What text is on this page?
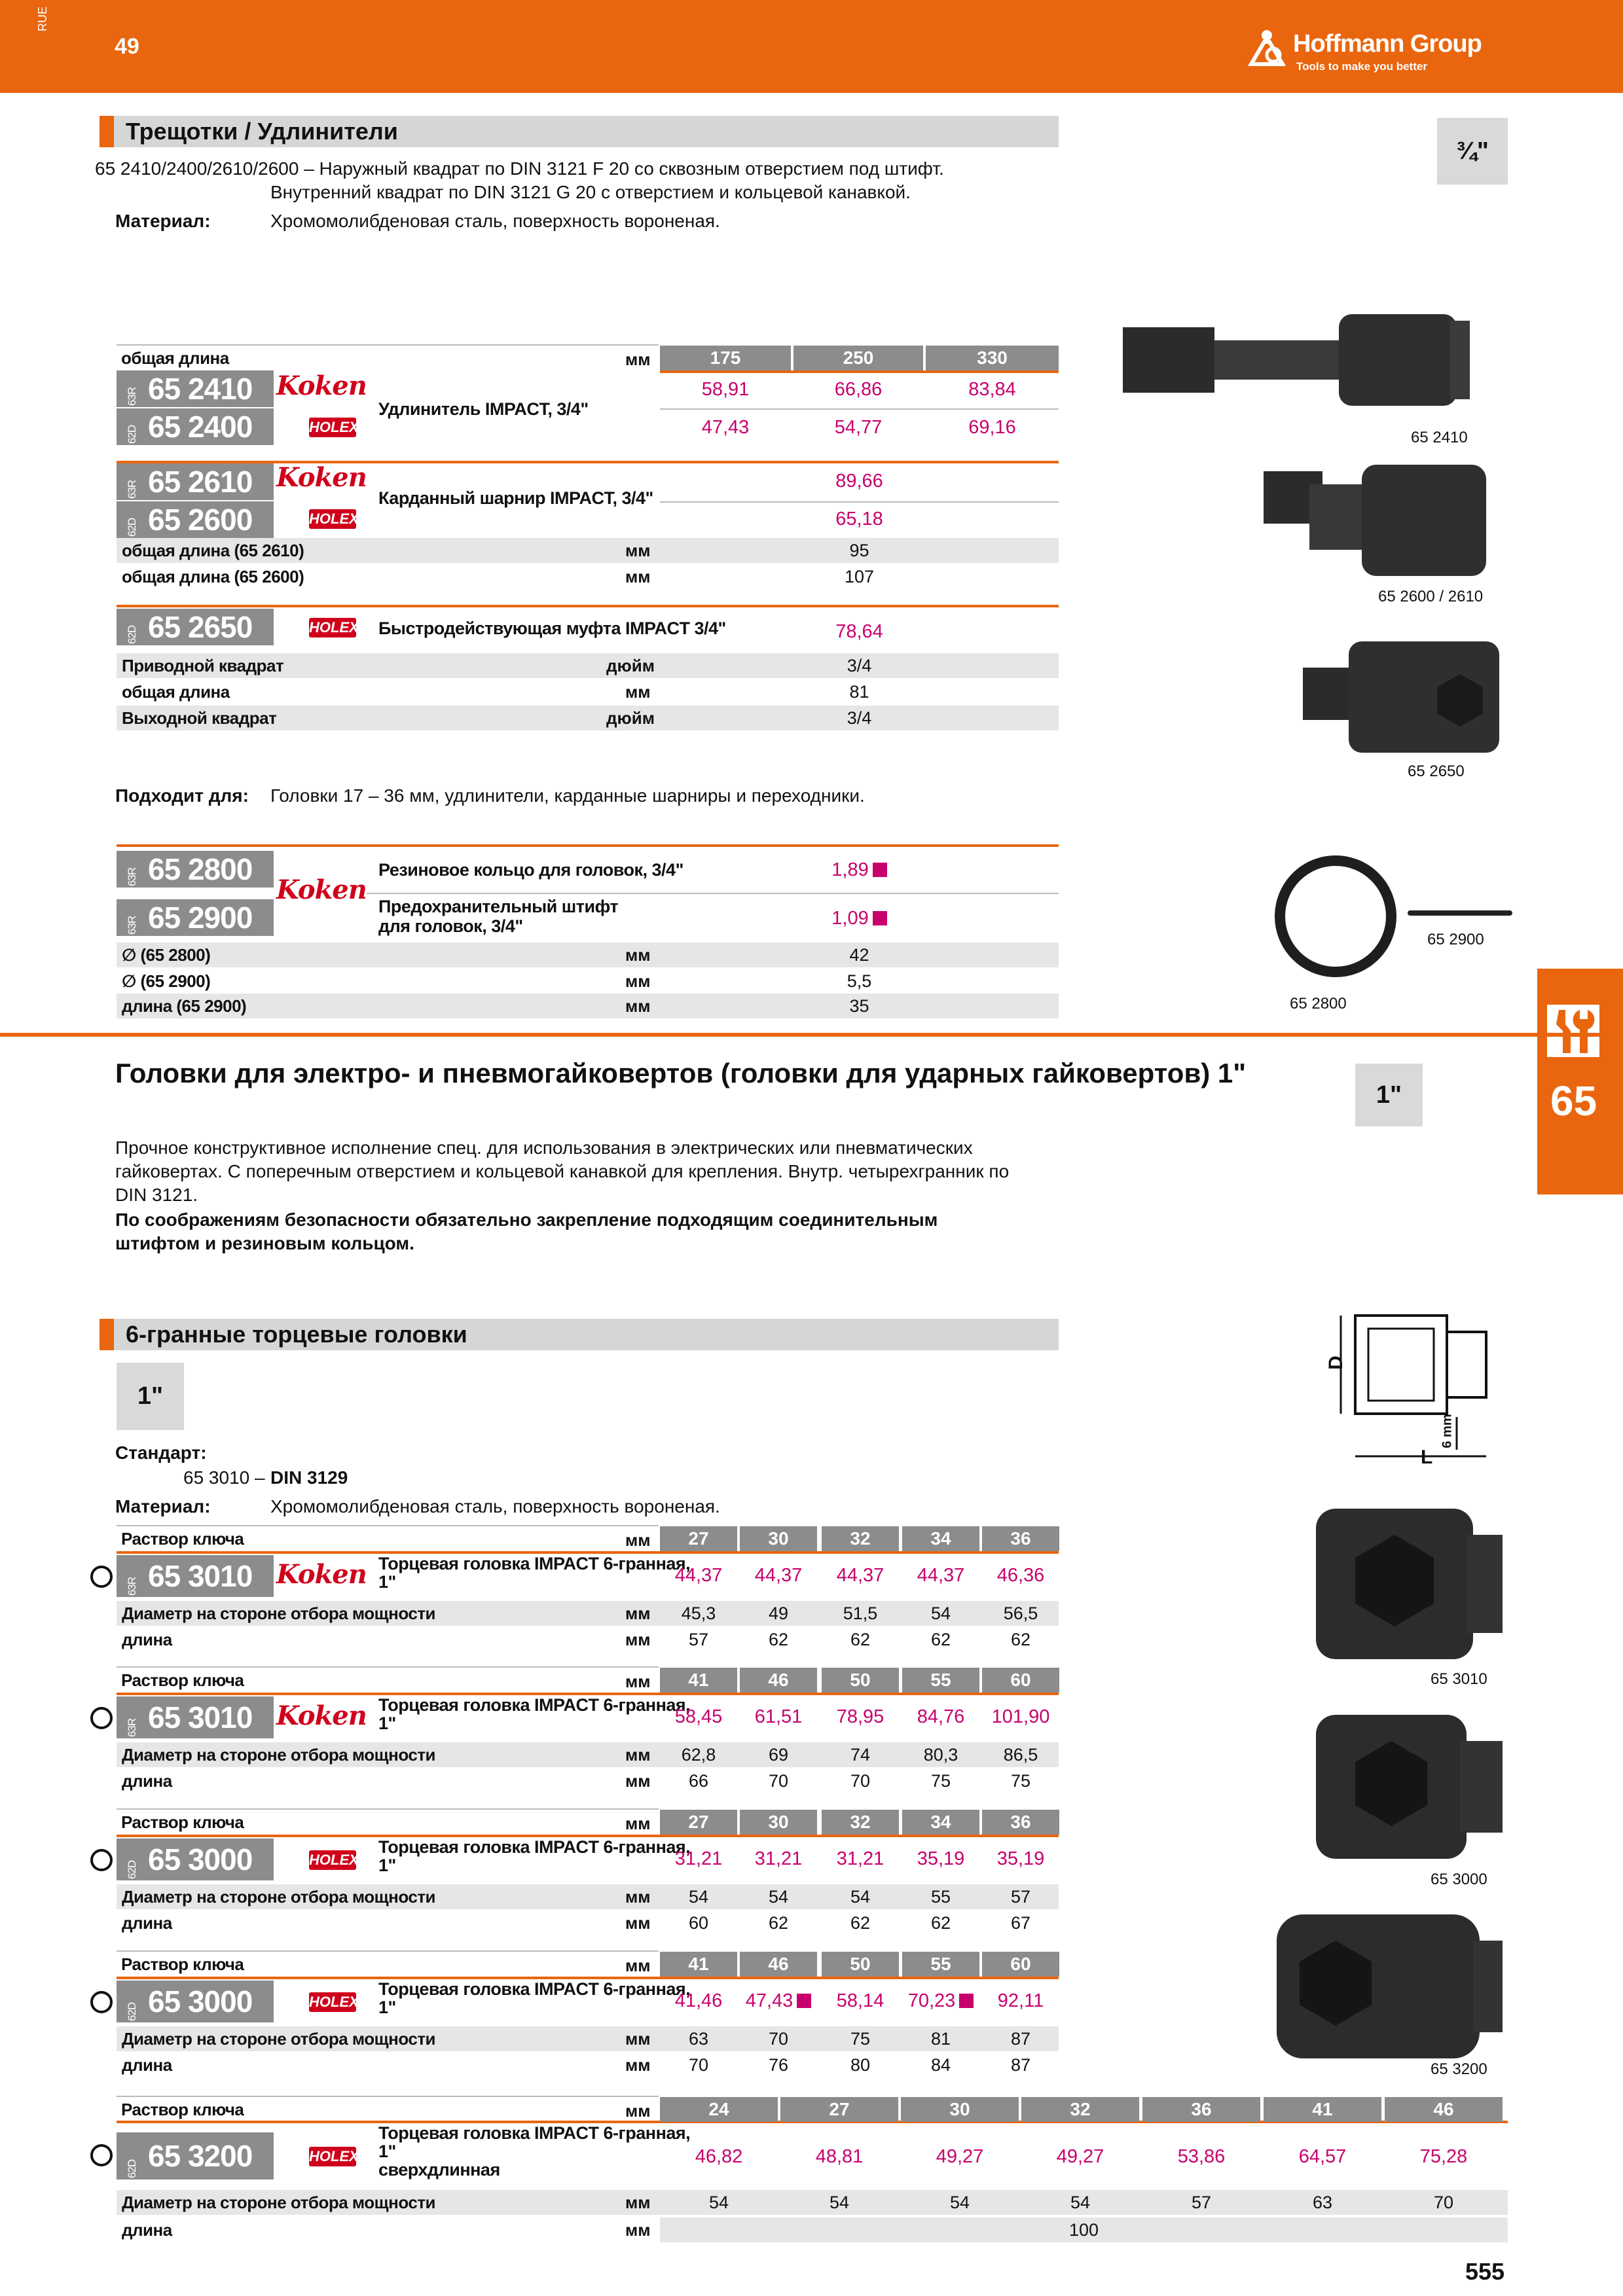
RUE
49	Hoffmann Group
Tools to make you better
Трещотки / Удлинители
¾"
65 2410/2400/2610/2600 – Наружный квадрат по DIN 3121 F 20 со сквозным отверстием под штифт.
Внутренний квадрат по DIN 3121 G 20 с отверстием и кольцевой канавкой.
Материал:	Хромомолибденовая сталь, поверхность вороненая.
общая длина	мм	175	250	330
63R 65 2410 Koken
Удлинитель IMPACT, 3/4"
58,91	66,86	83,84
62D 65 2400	HOLEX	47,43	54,77	69,16
63R 65 2610 Koken
Карданный шарнир IMPACT, 3/4"
89,66
62D 65 2600	HOLEX	65,18
общая длина (65 2610)	мм	95
общая длина (65 2600)	мм	107
62D 65 2650	HOLEX Быстродействующая муфта IMPACT 3/4"	78,64
Приводной квадрат	дюйм	3/4
общая длина	мм	81
Выходной квадрат	дюйм	3/4
Подходит для: Головки 17 – 36 мм, удлинители, карданные шарниры и переходники.
63R 65 2800
Koken
Резиновое кольцо для головок, 3/4"	1,89
63R 65 2900	Предохранительный штифт
для головок, 3/4"	1,09
∅ (65 2800)	мм	42
∅ (65 2900)	мм	5,5
длина (65 2900)	мм	35
65 2410
65 2600 / 2610
65 2650
65 2900
65 2800
65
Головки для электро- и пневмогайковертов (головки для ударных гайковертов) 1"
1"
Прочное конструктивное исполнение спец. для использования в электрических или пневматических
гайковертах. С поперечным отверстием и кольцевой канавкой для крепления. Внутр. четырехгранник по
DIN 3121.
По соображениям безопасности обязательно закрепление подходящим соединительным
штифтом и резиновым кольцом.
6-гранные торцевые головки
1"
Стандарт:
65 3010 – DIN 3129
Материал:	Хромомолибденовая сталь, поверхность вороненая.
D
L
6 mm
65 3010
65 3000
65 3200
Раствор ключа	мм	27	30	32	34	36
63R 65 3010 Koken Торцевая головка IMPACT 6-гранная,
1"	44,37	44,37	44,37	44,37	46,36
Диаметр на стороне отбора мощности	мм	45,3	49	51,5	54	56,5
длина	мм	57	62	62	62	62
Раствор ключа	мм	41	46	50	55	60
63R 65 3010 Koken Торцевая головка IMPACT 6-гранная,
1"	58,45	61,51	78,95	84,76	101,90
Диаметр на стороне отбора мощности	мм	62,8	69	74	80,3	86,5
длина	мм	66	70	70	75	75
Раствор ключа	мм	27	30	32	34	36
62D 65 3000	HOLEX
Торцевая головка IMPACT 6-гранная,
1"	31,21	31,21	31,21	35,19	35,19
Диаметр на стороне отбора мощности	мм	54	54	54	55	57
длина	мм	60	62	62	62	67
Раствор ключа	мм	41	46	50	55	60
62D 65 3000	HOLEX
Торцевая головка IMPACT 6-гранная,
1"	41,46	47,43	58,14	70,23	92,11
Диаметр на стороне отбора мощности	мм	63	70	75	81	87
длина	мм	70	76	80	84	87
Раствор ключа	мм	24	27	30	32	36	41	46
62D 65 3200	HOLEX
Торцевая головка IMPACT 6-гранная,
1"
сверхдлинная
46,82	48,81	49,27	49,27	53,86	64,57	75,28
Диаметр на стороне отбора мощности	мм	54	54	54	54	57	63	70
длина	мм	100
555
